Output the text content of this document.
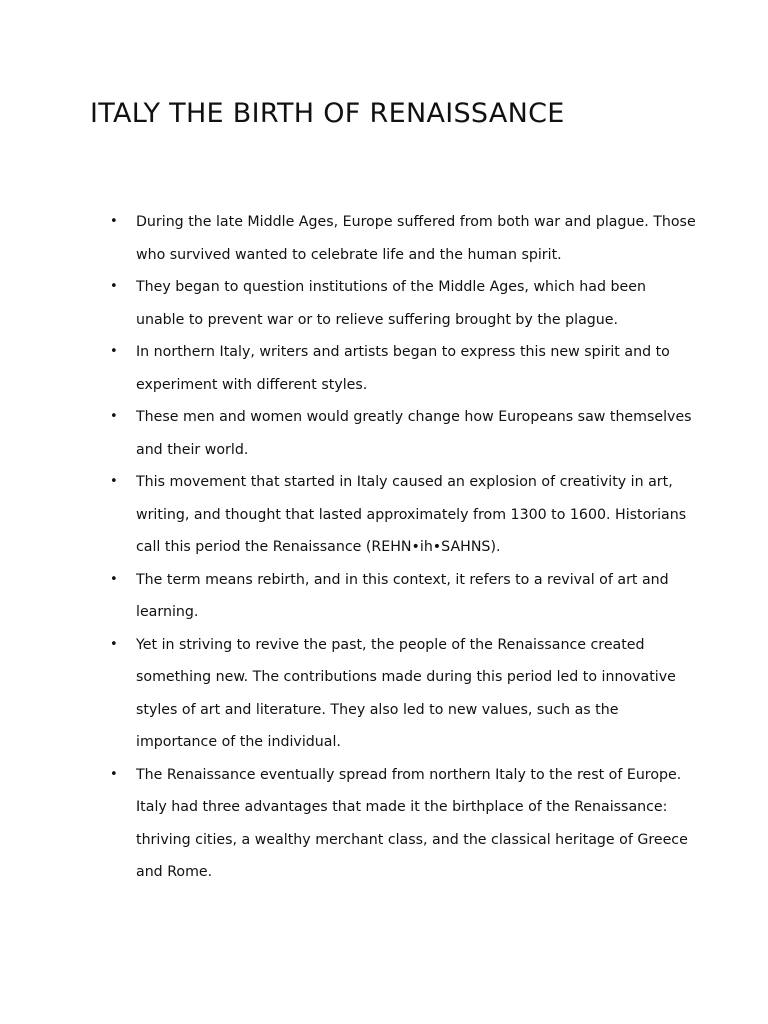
ITALY THE BIRTH OF RENAISSANCE
• During the late Middle Ages, Europe suffered from both war and plague. Those who survived wanted to celebrate life and the human spirit.
• They began to question institutions of the Middle Ages, which had been unable to prevent war or to relieve suffering brought by the plague.
• In northern Italy, writers and artists began to express this new spirit and to experiment with different styles.
• These men and women would greatly change how Europeans saw themselves and their world.
• This movement that started in Italy caused an explosion of creativity in art, writing, and thought that lasted approximately from 1300 to 1600. Historians call this period the Renaissance (REHN•ih•SAHNS).
• The term means rebirth, and in this context, it refers to a revival of art and learning.
• Yet in striving to revive the past, the people of the Renaissance created something new. The contributions made during this period led to innovative styles of art and literature. They also led to new values, such as the importance of the individual.
• The Renaissance eventually spread from northern Italy to the rest of Europe. Italy had three advantages that made it the birthplace of the Renaissance: thriving cities, a wealthy merchant class, and the classical heritage of Greece and Rome.
